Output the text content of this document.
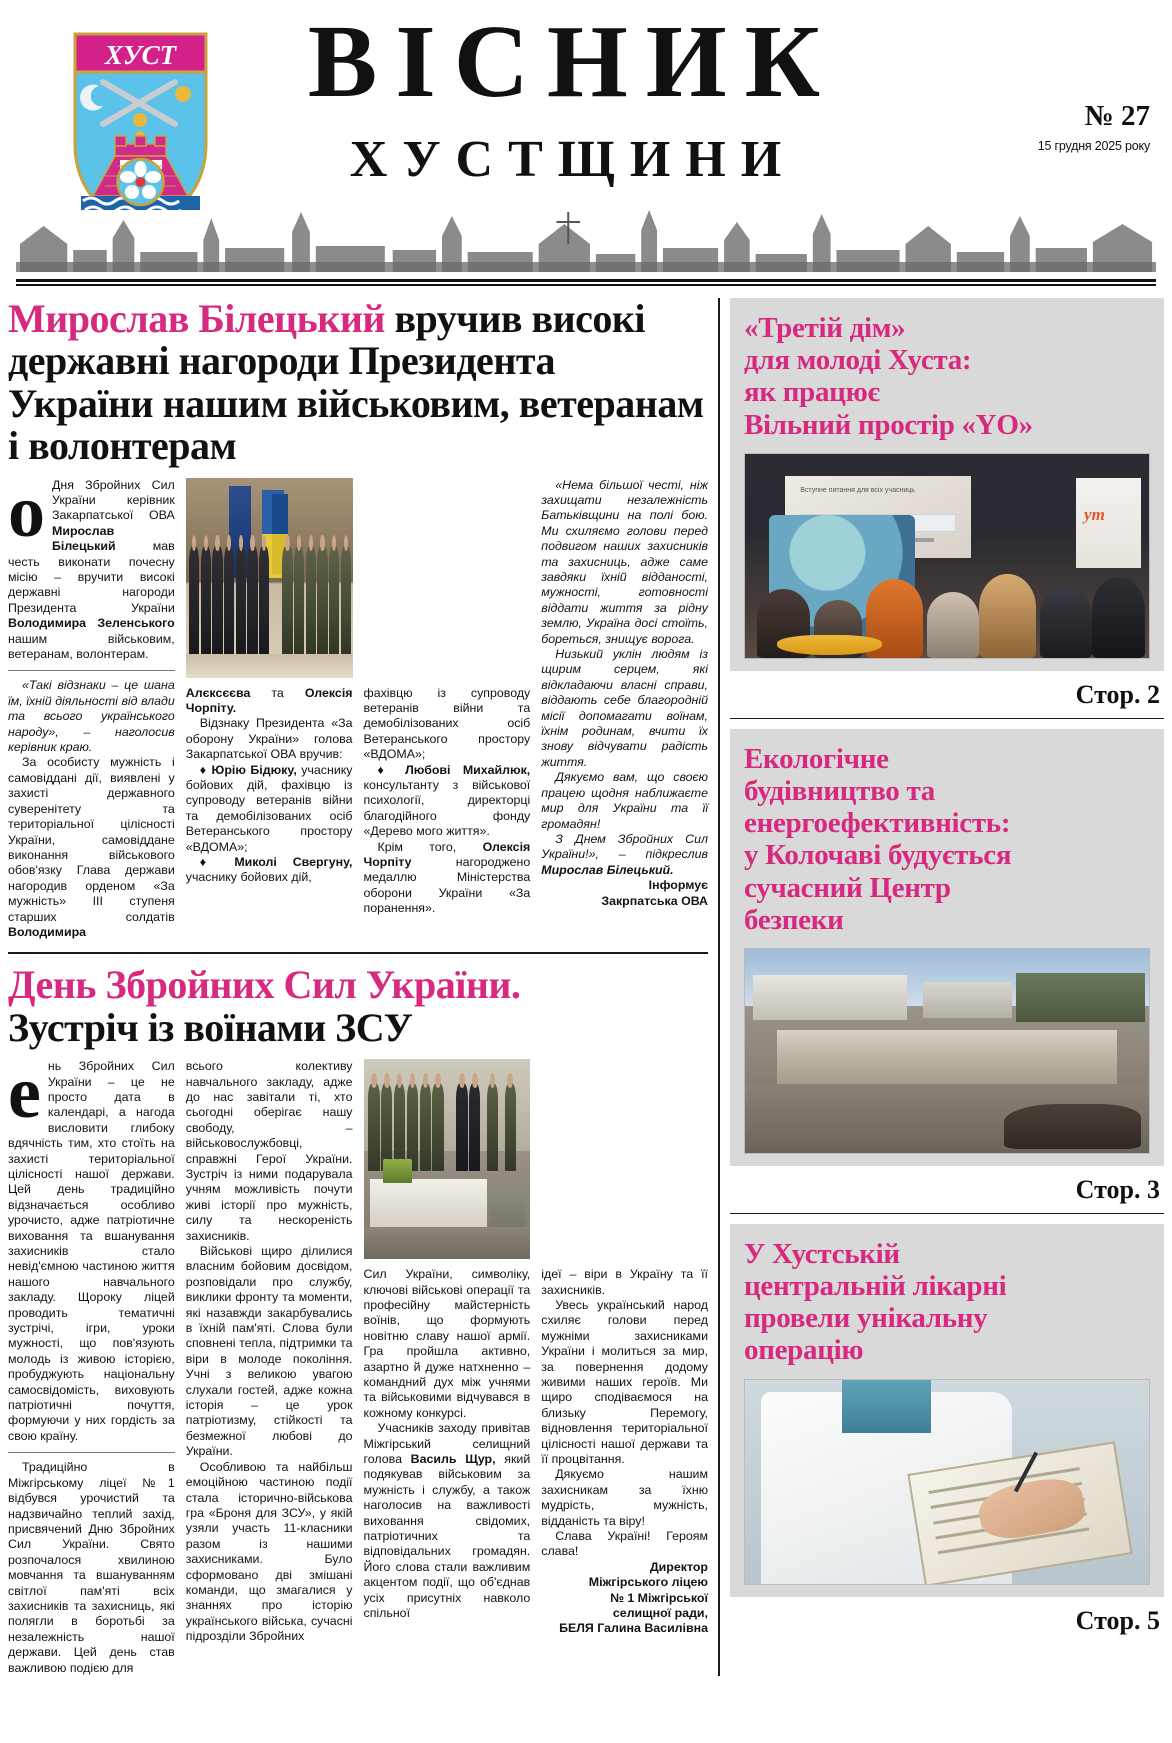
ХУСТ	ВІСНИК
ХУСТЩИНИ
№ 27
15 грудня 2025 року
Мирослав Білецький вручив високі державні нагороди Президента України нашим військовим, ветеранам і волонтерам

оДня Збройних Сил України керівник Закарпатської ОВА Мирослав Білецький мав честь виконати почесну місію – вручити високі державні нагороди Президента України Володимира Зеленського нашим військовим, ветеранам, волонтерам.

«Такі відзнаки – це шана їм, їхній діяльності від влади та всього українського народу», – наголосив керівник краю.

За особисту мужність і самовіддані дії, виявлені у захисті державного суверенітету та територіальної цілісності України, самовіддане виконання військового обов'язку Глава держави нагородив орденом «За мужність» ІІІ ступеня старших солдатів Володимира

Алєксєєва та Олексія Чорпіту.

Відзнаку Президента «За оборону України» голова Закарпатської ОВА вручив:

♦ Юрію Бідюку, учаснику бойових дій, фахівцю із супроводу ветеранів війни та демобілізованих осіб Ветеранського простору «ВДОМА»;

♦ Миколі Свергуну, учаснику бойових дій,

фахівцю із супроводу ветеранів війни та демобілізованих осіб Ветеранського простору «ВДОМА»;

♦ Любові Михайлюк, консультанту з військової психології, директорці благодійного фонду «Дерево мого життя».

Крім того, Олексія Чорпіту нагороджено медаллю Міністерства оборони України «За поранення».

«Нема більшої честі, ніж захищати незалежність Батьківщини на полі бою. Ми схиляємо голови перед подвигом наших захисників та захисниць, адже саме завдяки їхній відданості, мужності, готовності віддати життя за рідну землю, Україна досі стоїть, бореться, знищує ворога.

Низький уклін людям із щирим серцем, які відкладаючи власні справи, віддають себе благородній місії допомагати воїнам, їхнім родинам, вчити їх знову відчувати радість життя.

Дякуємо вам, що своєю працею щодня наближаєте мир для України та її громадян!

З Днем Збройних Сил України!», – підкреслив Мирослав Білецький.

Інформує
Закрпатська ОВА
День Збройних Сил України.
Зустріч із воїнами ЗСУ

ень Збройних Сил України – це не просто дата в календарі, а нагода висловити глибоку вдячність тим, хто стоїть на захисті територіальної цілісності нашої держави. Цей день традиційно відзначається особливо урочисто, адже патріотичне виховання та вшанування захисників стало невід'ємною частиною життя нашого навчального закладу. Щороку ліцей проводить тематичні зустрічі, ігри, уроки мужності, що пов'язують молодь із живою історією, пробуджують національну самосвідомість, виховують патріотичні почуття, формуючи у них гордість за свою країну.

Традиційно в Міжгірському ліцеї №1 відбувся урочистий та надзвичайно теплий захід, присвячений Дню Збройних Сил України. Свято розпочалося хвилиною мовчання та вшануванням світлої пам'яті всіх захисників та захисниць, які полягли в боротьбі за незалежність нашої держави. Цей день став важливою подією для

всього колективу навчального закладу, адже до нас завітали ті, хто сьогодні оберігає нашу свободу, – військовослужбовці, справжні Герої України. Зустріч із ними подарувала учням можливість почути живі історії про мужність, силу та нескореність захисників.

Військові щиро ділилися власним бойовим досвідом, розповідали про службу, виклики фронту та моменти, які назавжди закарбувались в їхній пам'яті. Слова були сповнені тепла, підтримки та віри в молоде покоління. Учні з великою увагою слухали гостей, адже кожна історія – це урок патріотизму, стійкості та безмежної любові до України.

Особливою та найбільш емоційною частиною події стала історично-військова гра «Броня для ЗСУ», у якій узяли участь 11-класники разом із нашими захисниками. Було сформовано дві змішані команди, що змагалися у знаннях про історію українського війська, сучасні підрозділи Збройних

Сил України, символіку, ключові військові операції та професійну майстерність воїнів, що формують новітню славу нашої армії. Гра пройшла активно, азартно й дуже натхненно – командний дух між учнями та військовими відчувався в кожному конкурсі.

Учасників заходу привітав Міжгірський селищний голова Василь Щур, який подякував військовим за мужність і службу, а також наголосив на важливості виховання свідомих, патріотичних та відповідальних громадян. Його слова стали важливим акцентом події, що об'єднав усіх присутніх навколо спільної

ідеї – віри в Україну та її захисників.

Увесь український народ схиляє голови перед мужніми захисниками України і молиться за мир, за повернення додому живими наших героїв. Ми щиро сподіваємося на близьку Перемогу, відновлення територіальної цілісності нашої держави та її процвітання.

Дякуємо нашим захисникам за їхню мудрість, мужність, відданість та віру!

Слава Україні! Героям слава!

Директор
Міжгірського ліцею
№ 1 Міжгірської
селищної ради,
БЕЛЯ Галина Василівна
«Третій дім»
для молоді Хуста:
як працює
Вільний простір «YO»
Вступне питання для всіх учасниць
ут
Стор. 2
Екологічне
будівництво та
енергоефективність:
у Колочаві будується
сучасний Центр
безпеки
Стор. 3
У Хустській
центральній лікарні
провели унікальну
операцію
Стор. 5
